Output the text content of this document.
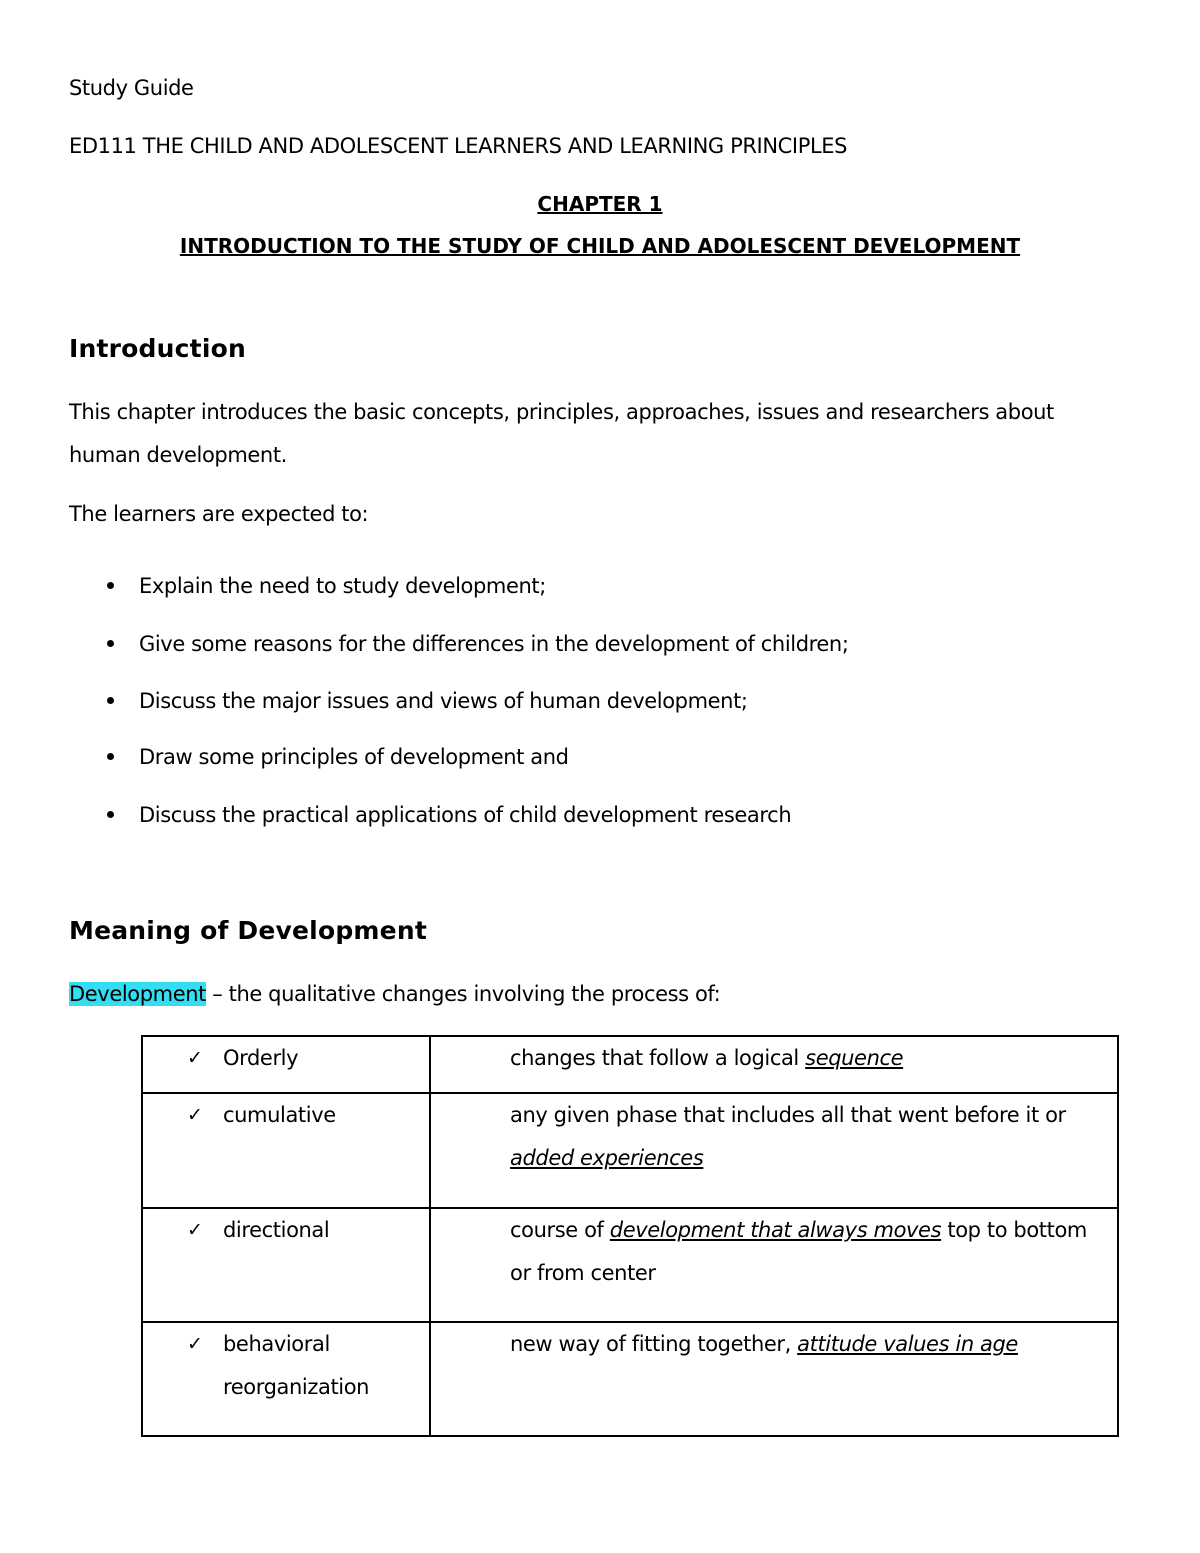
Study Guide
ED111 THE CHILD AND ADOLESCENT LEARNERS AND LEARNING PRINCIPLES
CHAPTER 1
INTRODUCTION TO THE STUDY OF CHILD AND ADOLESCENT DEVELOPMENT
Introduction
This chapter introduces the basic concepts, principles, approaches, issues and researchers about
human development.
The learners are expected to:
Explain the need to study development;
Give some reasons for the differences in the development of children;
Discuss the major issues and views of human development;
Draw some principles of development and
Discuss the practical applications of child development research
Meaning of Development
Development – the qualitative changes involving the process of:
✓ Orderly	changes that follow a logical sequence

✓ cumulative	any given phase that includes all that went before it or
added experiences

✓ directional	course of development that always moves top to bottom
or from center

✓ behavioral
reorganization	new way of fitting together, attitude values in age
